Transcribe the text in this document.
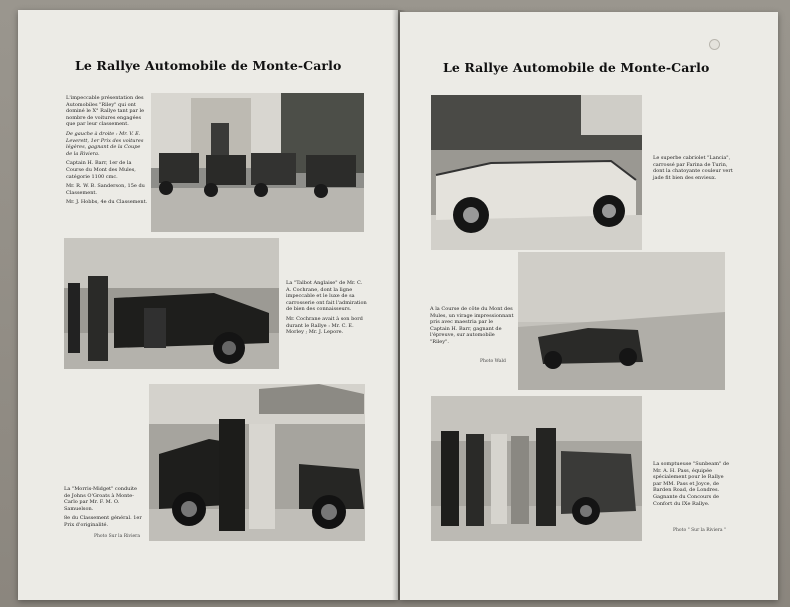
Le Rallye Automobile de Monte-Carlo

L'impeccable présentation des Automobiles "Riley" qui ont dominé le X° Rallye tant par le nombre de voitures engagées que par leur classement.

De gauche à droite : Mr. V. E. Leverett, 1er Prix des voitures légères, gagnant de la Coupe de la Riviera.

Captain H. Barr, 1er de la Course du Mont des Mules, catégorie 1100 cmc.

Mr. R. W. B. Sanderson, 15e du Classement.

Mr. J. Hobbs, 4e du Classement.

La "Talbot Anglaise" de Mr. C. A. Cochrane, dont la ligne impeccable et le luxe de sa carrosserie ont fait l'admiration de bien des connaisseurs.

Mr. Cochrane avait à son bord durant le Rallye : Mr. C. E. Morley ; Mr. J. Lepore.

La "Morris-Midget" conduite de Johns O'Groats à Monte-Carlo par Mr. F. M. O. Samuelson.

8e du Classement général. 1er Prix d'originalité.

Photo Sur la Riviera
Le Rallye Automobile de Monte-Carlo

Le superbe cabriolet "Lancia", carrossé par Farina de Turin, dont la chatoyante couleur vert jade fit bien des envieux.

A la Course de côte du Mont des Mules, un virage impressionnant pris avec maestria par le Captain H. Barr, gagnant de l'épreuve, sur automobile "Riley".

Photo Wald

La somptueuse "Sunbeam" de Mr. A. H. Pass, équipée spécialement pour le Rallye par MM. Pass et Joyce, de Barden Road, de Londres. Gagnante du Concours de Confort du IXe Rallye.

Photo " Sur la Riviera "
